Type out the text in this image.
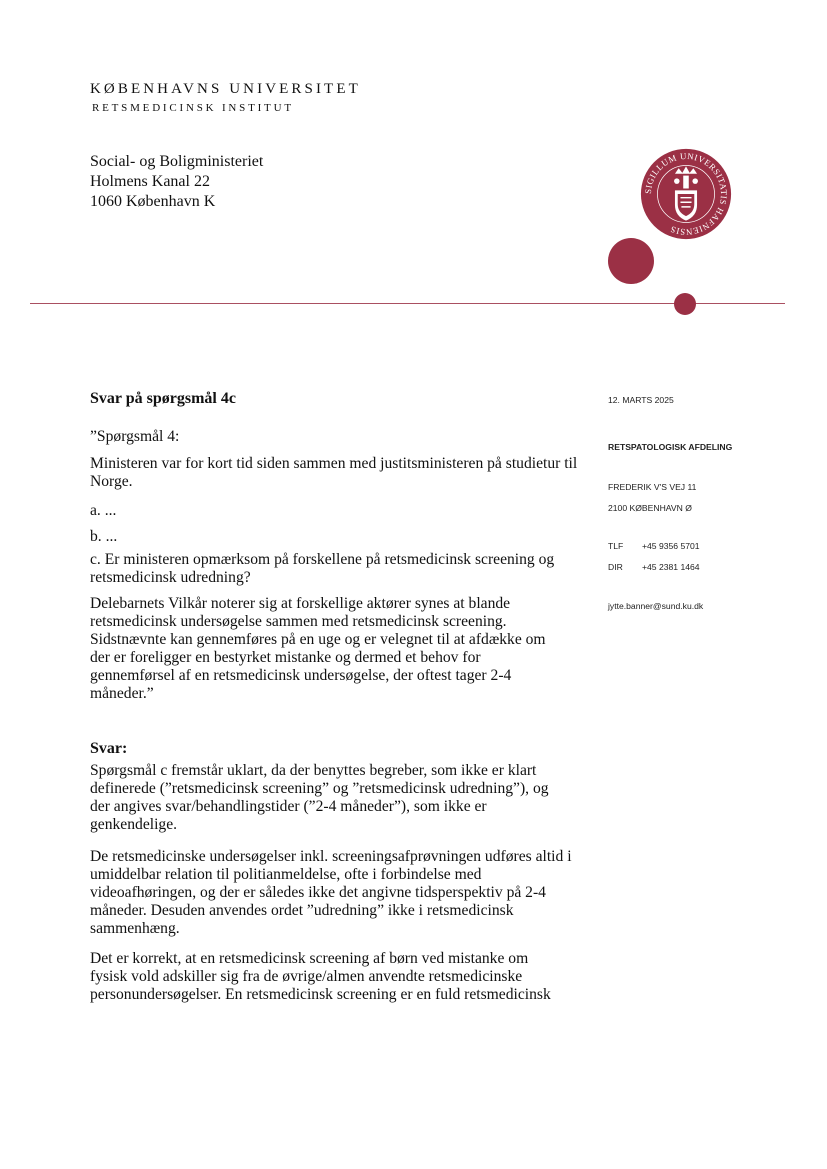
KØBENHAVNS UNIVERSITET
RETSMEDICINSK INSTITUT
Social- og Boligministeriet
Holmens Kanal 22
1060 København K
SIGILLUM UNIVERSITATIS HAFNIENSIS
Svar på spørgsmål 4c	12. MARTS 2025
RETSPATOLOGISK AFDELING
FREDERIK V'S VEJ 11
2100 KØBENHAVN Ø
TLF +45 9356 5701
DIR +45 2381 1464
jytte.banner@sund.ku.dk
”Spørgsmål 4:
Ministeren var for kort tid siden sammen med justitsministeren på studietur til Norge.
a. ...
b. ...
c. Er ministeren opmærksom på forskellene på retsmedicinsk screening og retsmedicinsk udredning?
Delebarnets Vilkår noterer sig at forskellige aktører synes at blande retsmedicinsk undersøgelse sammen med retsmedicinsk screening. Sidstnævnte kan gennemføres på en uge og er velegnet til at afdække om der er foreligger en bestyrket mistanke og dermed et behov for gennemførsel af en retsmedicinsk undersøgelse, der oftest tager 2-4 måneder.”
Svar:
Spørgsmål c fremstår uklart, da der benyttes begreber, som ikke er klart definerede (”retsmedicinsk screening” og ”retsmedicinsk udredning”), og der angives svar/behandlingstider (”2-4 måneder”), som ikke er genkendelige.
De retsmedicinske undersøgelser inkl. screeningsafprøvningen udføres altid i umiddelbar relation til politianmeldelse, ofte i forbindelse med videoafhøringen, og der er således ikke det angivne tidsperspektiv på 2-4 måneder. Desuden anvendes ordet ”udredning” ikke i retsmedicinsk sammenhæng.
Det er korrekt, at en retsmedicinsk screening af børn ved mistanke om fysisk vold adskiller sig fra de øvrige/almen anvendte retsmedicinske personundersøgelser. En retsmedicinsk screening er en fuld retsmedicinsk
